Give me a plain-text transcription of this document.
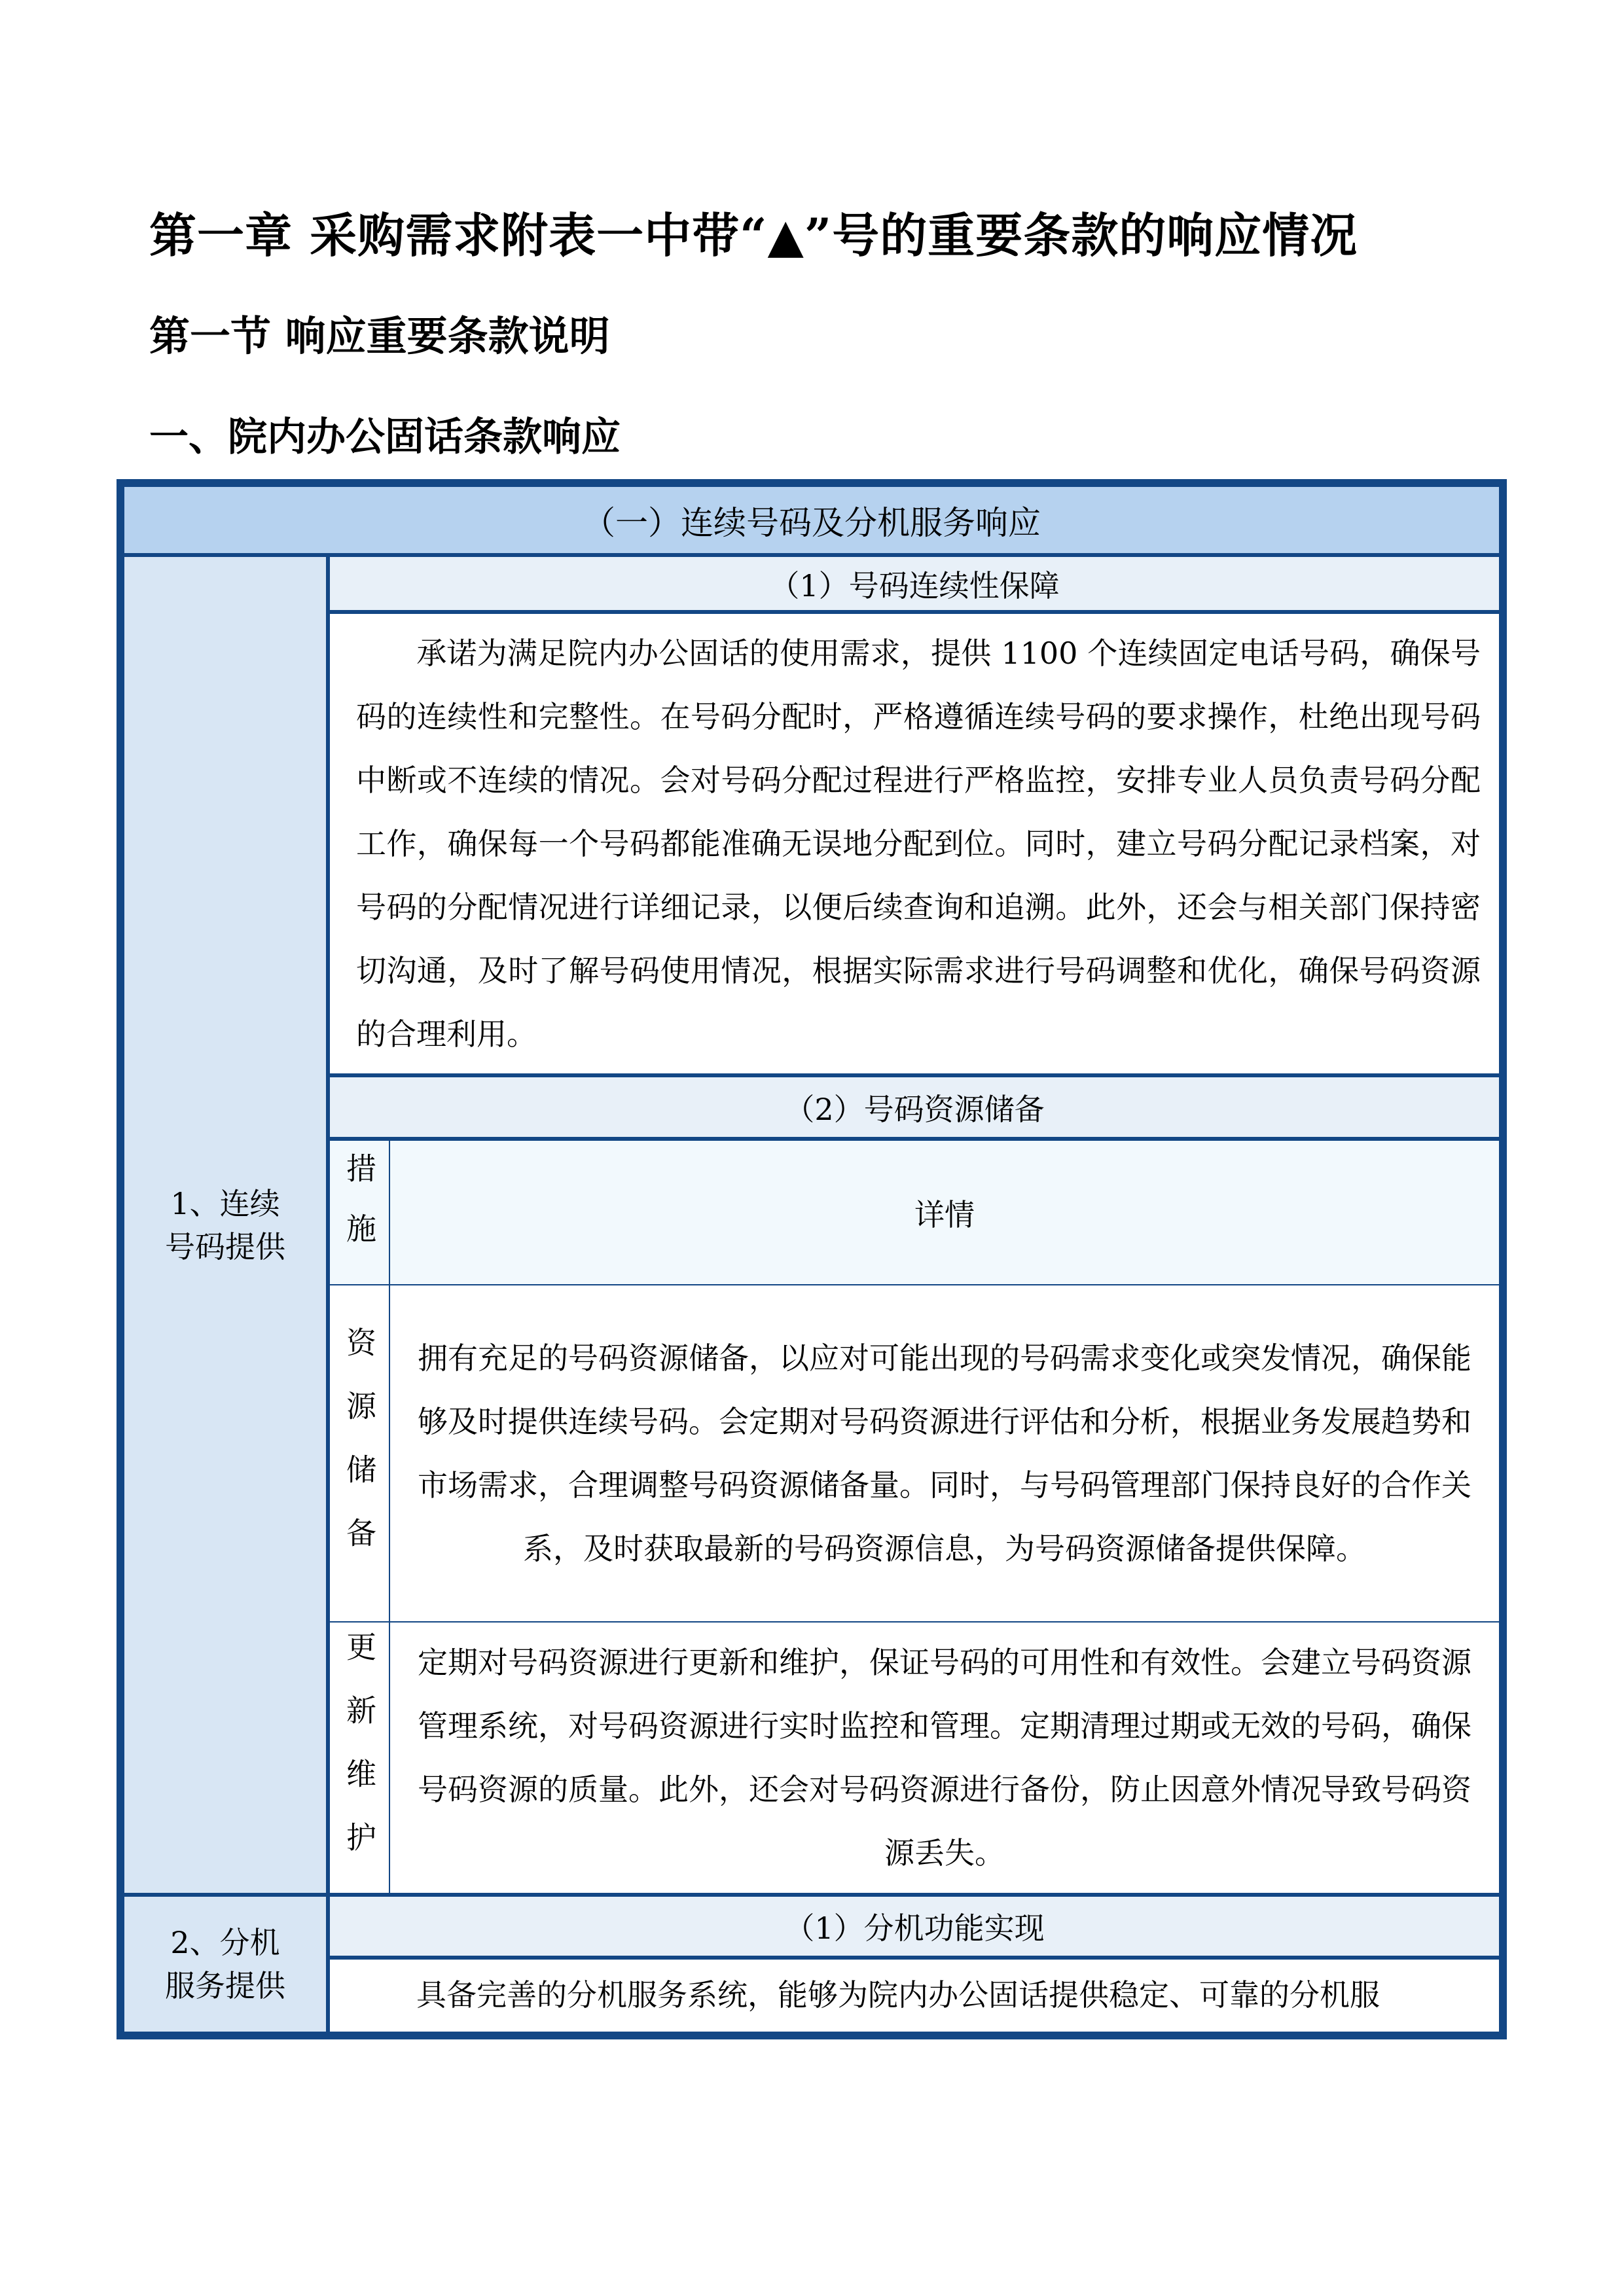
第一章 采购需求附表一中带“▲”号的重要条款的响应情况
第一节 响应重要条款说明
一、院内办公固话条款响应
（一）连续号码及分机服务响应
1、连续号码提供
（1）号码连续性保障
承诺为满足院内办公固话的使用需求，提供 1100 个连续固定电话号码，确保号码的连续性和完整性。在号码分配时，严格遵循连续号码的要求操作，杜绝出现号码中断或不连续的情况。会对号码分配过程进行严格监控，安排专业人员负责号码分配工作，确保每一个号码都能准确无误地分配到位。同时，建立号码分配记录档案，对号码的分配情况进行详细记录，以便后续查询和追溯。此外，还会与相关部门保持密切沟通，及时了解号码使用情况，根据实际需求进行号码调整和优化，确保号码资源的合理利用。
（2）号码资源储备
措施	详情
资源储备	拥有充足的号码资源储备，以应对可能出现的号码需求变化或突发情况，确保能够及时提供连续号码。会定期对号码资源进行评估和分析，根据业务发展趋势和市场需求，合理调整号码资源储备量。同时，与号码管理部门保持良好的合作关系，及时获取最新的号码资源信息，为号码资源储备提供保障。
更新维护	定期对号码资源进行更新和维护，保证号码的可用性和有效性。会建立号码资源管理系统，对号码资源进行实时监控和管理。定期清理过期或无效的号码，确保号码资源的质量。此外，还会对号码资源进行备份，防止因意外情况导致号码资源丢失。
2、分机服务提供
（1）分机功能实现
具备完善的分机服务系统，能够为院内办公固话提供稳定、可靠的分机服
